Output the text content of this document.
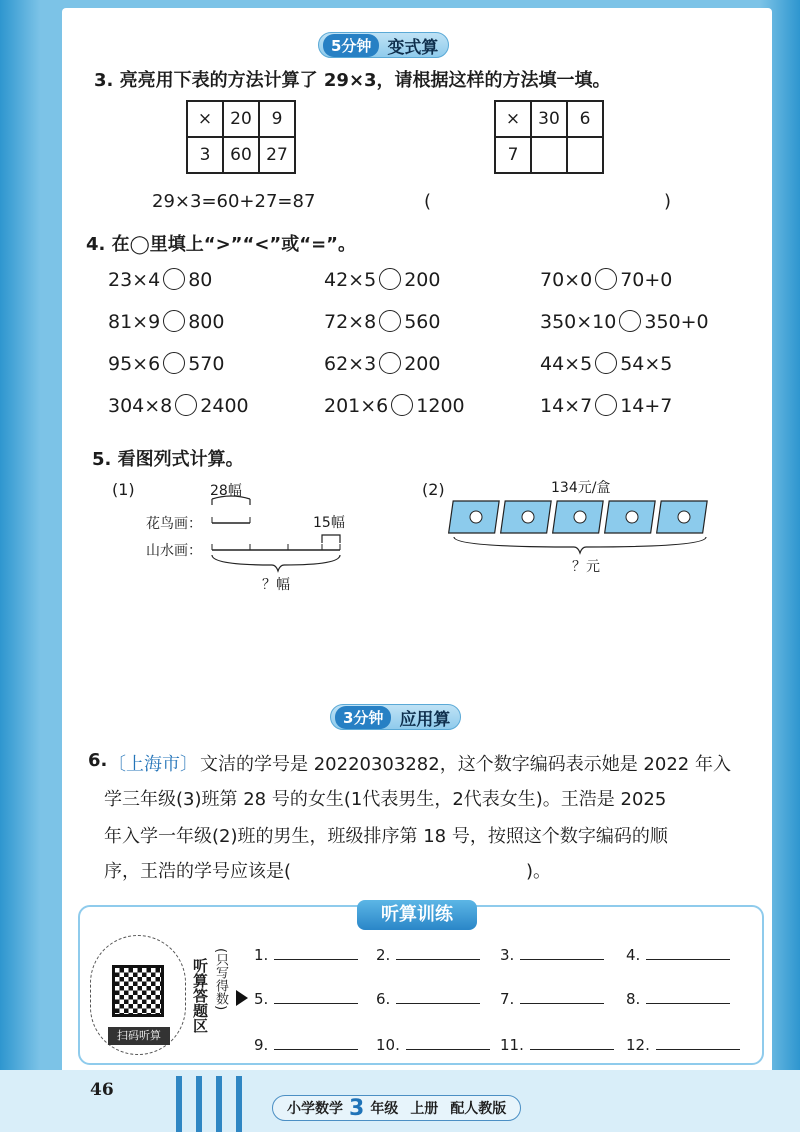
5分钟 变式算
3. 亮亮用下表的方法计算了 29×3，请根据这样的方法填一填。
×	20	9
3	60	27
×	30	6
7		
29×3=60+27=87	(	)
4. 在◯里填上“>”“<”或“=”。
23×4 80	42×5 200	70×0 70+0
81×9 800	72×8 560	350×10 350+0
95×6 570	62×3 200	44×5 54×5
304×8 2400	201×6 1200	14×7 14+7
5. 看图列式计算。
(1)	28幅
15幅
花鸟画：
山水画：
？幅
(2)	134元/盒
？元
3分钟 应用算
6. 〔上海市〕 文洁的学号是 20220303282，这个数字编码表示她是 2022 年入
学三年级(3)班第 28 号的女生(1代表男生，2代表女生)。王浩是 2025
年入学一年级(2)班的男生，班级排序第 18 号，按照这个数字编码的顺
序，王浩的学号应该是(	)。
听算训练
扫码听算
听算答题区 (只写得数) 1.	2.	3.	4.
5.	6.	7.	8.
9.	10.	11.	12.
46
小学数学 3 年级 上册 配人教版
